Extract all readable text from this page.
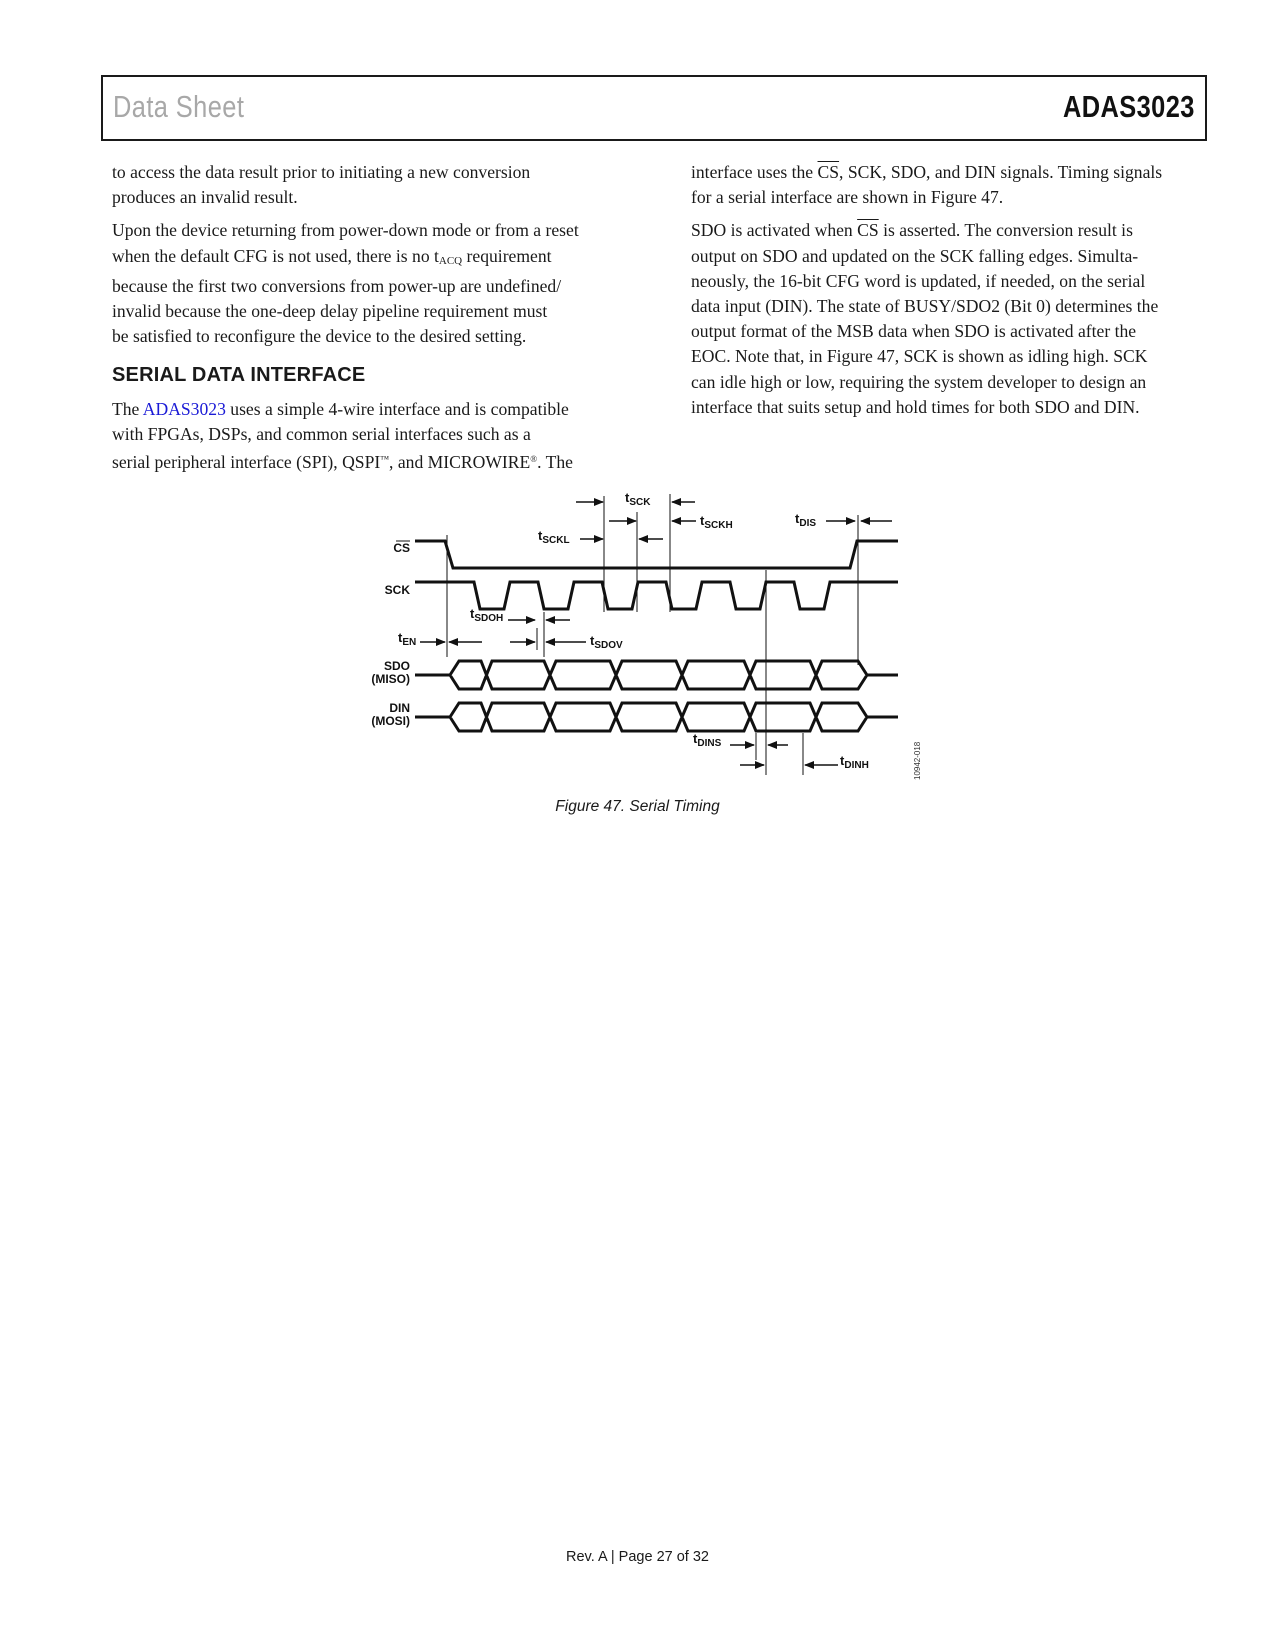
Data Sheet	ADAS3023

to access the data result prior to initiating a new conversion
produces an invalid result.

Upon the device returning from power-down mode or from a reset
when the default CFG is not used, there is no tACQ requirement
because the first two conversions from power-up are undefined/
invalid because the one-deep delay pipeline requirement must
be satisfied to reconfigure the device to the desired setting.

SERIAL DATA INTERFACE

The ADAS3023 uses a simple 4-wire interface and is compatible
with FPGAs, DSPs, and common serial interfaces such as a
serial peripheral interface (SPI), QSPI™, and MICROWIRE®. The

interface uses the $\overline{CS}$, SCK, SDO, and DIN signals. Timing signals
for a serial interface are shown in Figure 47.

SDO is activated when $\overline{CS}$ is asserted. The conversion result is
output on SDO and updated on the SCK falling edges. Simulta-
neously, the 16-bit CFG word is updated, if needed, on the serial
data input (DIN). The state of BUSY/SDO2 (Bit 0) determines the
output format of the MSB data when SDO is activated after the
EOC. Note that, in Figure 47, SCK is shown as idling high. SCK
can idle high or low, requiring the system developer to design an
interface that suits setup and hold times for both SDO and DIN.

CS
SCK
SDO
(MISO)
DIN
(MOSI)
$t_{SCK}$
$t_{SCKH}$
$t_{SCKL}$
$t_{DIS}$
$t_{SDOH}$
$t_{EN}$	$t_{SDOV}$
$t_{DINS}$
$t_{DINH}$	10942-018
Figure 47. Serial Timing
Rev. A | Page 27 of 32
